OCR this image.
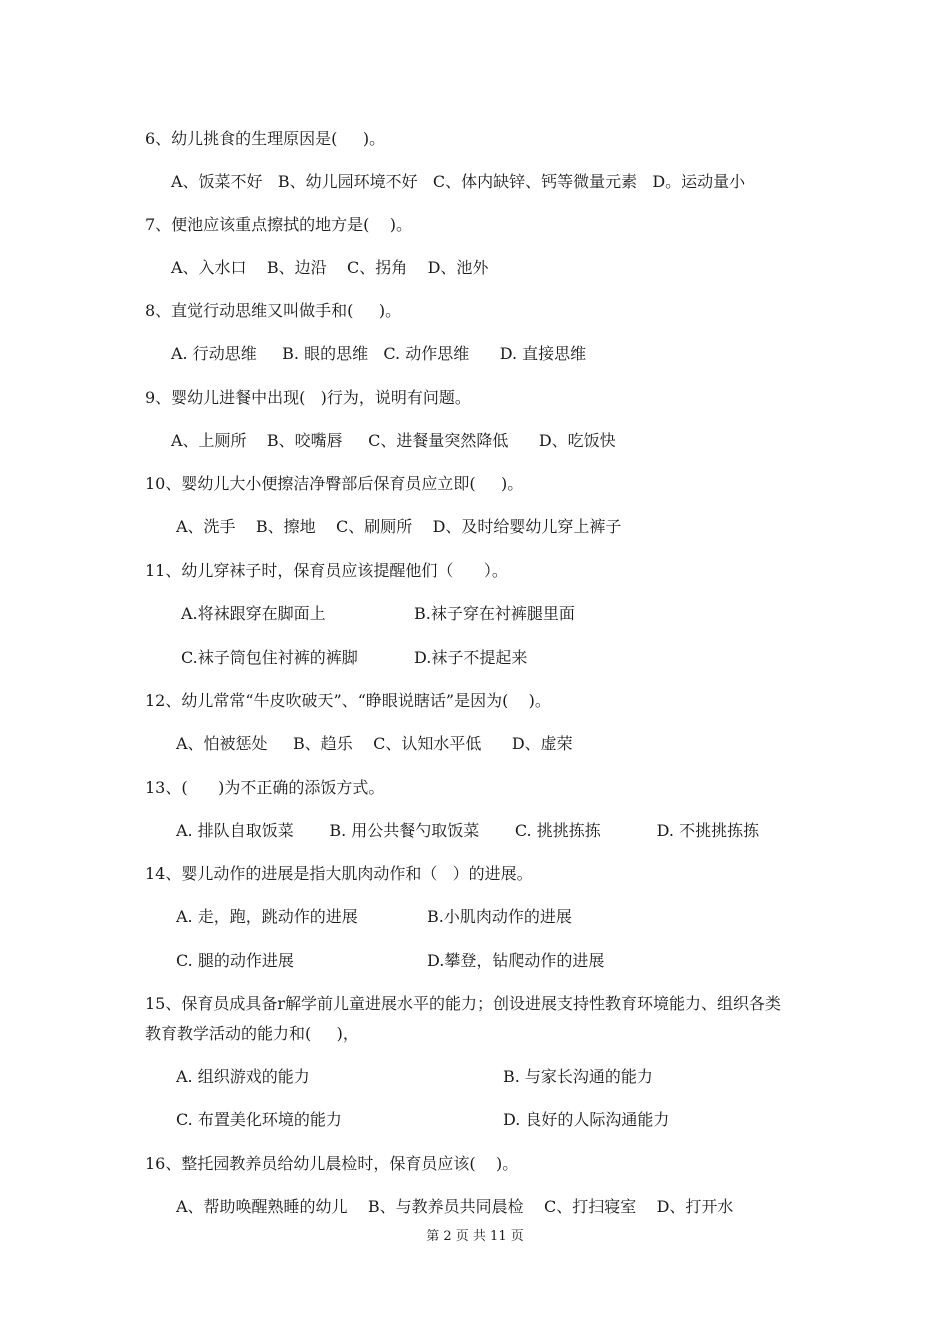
6、幼儿挑食的生理原因是(     )。
A、饭菜不好   B、幼儿园环境不好   C、体内缺锌、钙等微量元素   D。运动量小
7、便池应该重点擦拭的地方是(    )。
A、入水口    B、边沿    C、拐角    D、池外
8、直觉行动思维又叫做手和(     )。
A. 行动思维     B. 眼的思维   C. 动作思维      D. 直接思维
9、婴幼儿进餐中出现(   )行为，说明有问题。
A、上厕所    B、咬嘴唇     C、进餐量突然降低      D、吃饭快
10、婴幼儿大小便擦洁净臀部后保育员应立即(     )。
A、洗手    B、擦地    C、刷厕所    D、及时给婴幼儿穿上裤子
11、幼儿穿袜子时，保育员应该提醒他们（      ）。
A.将袜跟穿在脚面上	B.袜子穿在衬裤腿里面
C.袜子筒包住衬裤的裤脚	D.袜子不提起来
12、幼儿常常“牛皮吹破天”、“睁眼说瞎话”是因为(    )。
A、怕被惩处     B、趋乐    C、认知水平低      D、虚荣
13、(      )为不正确的添饭方式。
A. 排队自取饭菜       B. 用公共餐勺取饭菜       C. 挑挑拣拣           D. 不挑挑拣拣
14、婴儿动作的进展是指大肌肉动作和（   ）的进展。
A. 走，跑，跳动作的进展	B.小肌肉动作的进展
C. 腿的动作进展	D.攀登，钻爬动作的进展
15、保育员成具备r解学前儿童进展水平的能力；创设进展支持性教育环境能力、组织各类
教育教学活动的能力和(     )，
A. 组织游戏的能力	B. 与家长沟通的能力
C. 布置美化环境的能力	D. 良好的人际沟通能力
16、整托园教养员给幼儿晨检时，保育员应该(    )。
A、帮助唤醒熟睡的幼儿    B、与教养员共同晨检    C、打扫寝室    D、打开水
第 2 页 共 11 页
